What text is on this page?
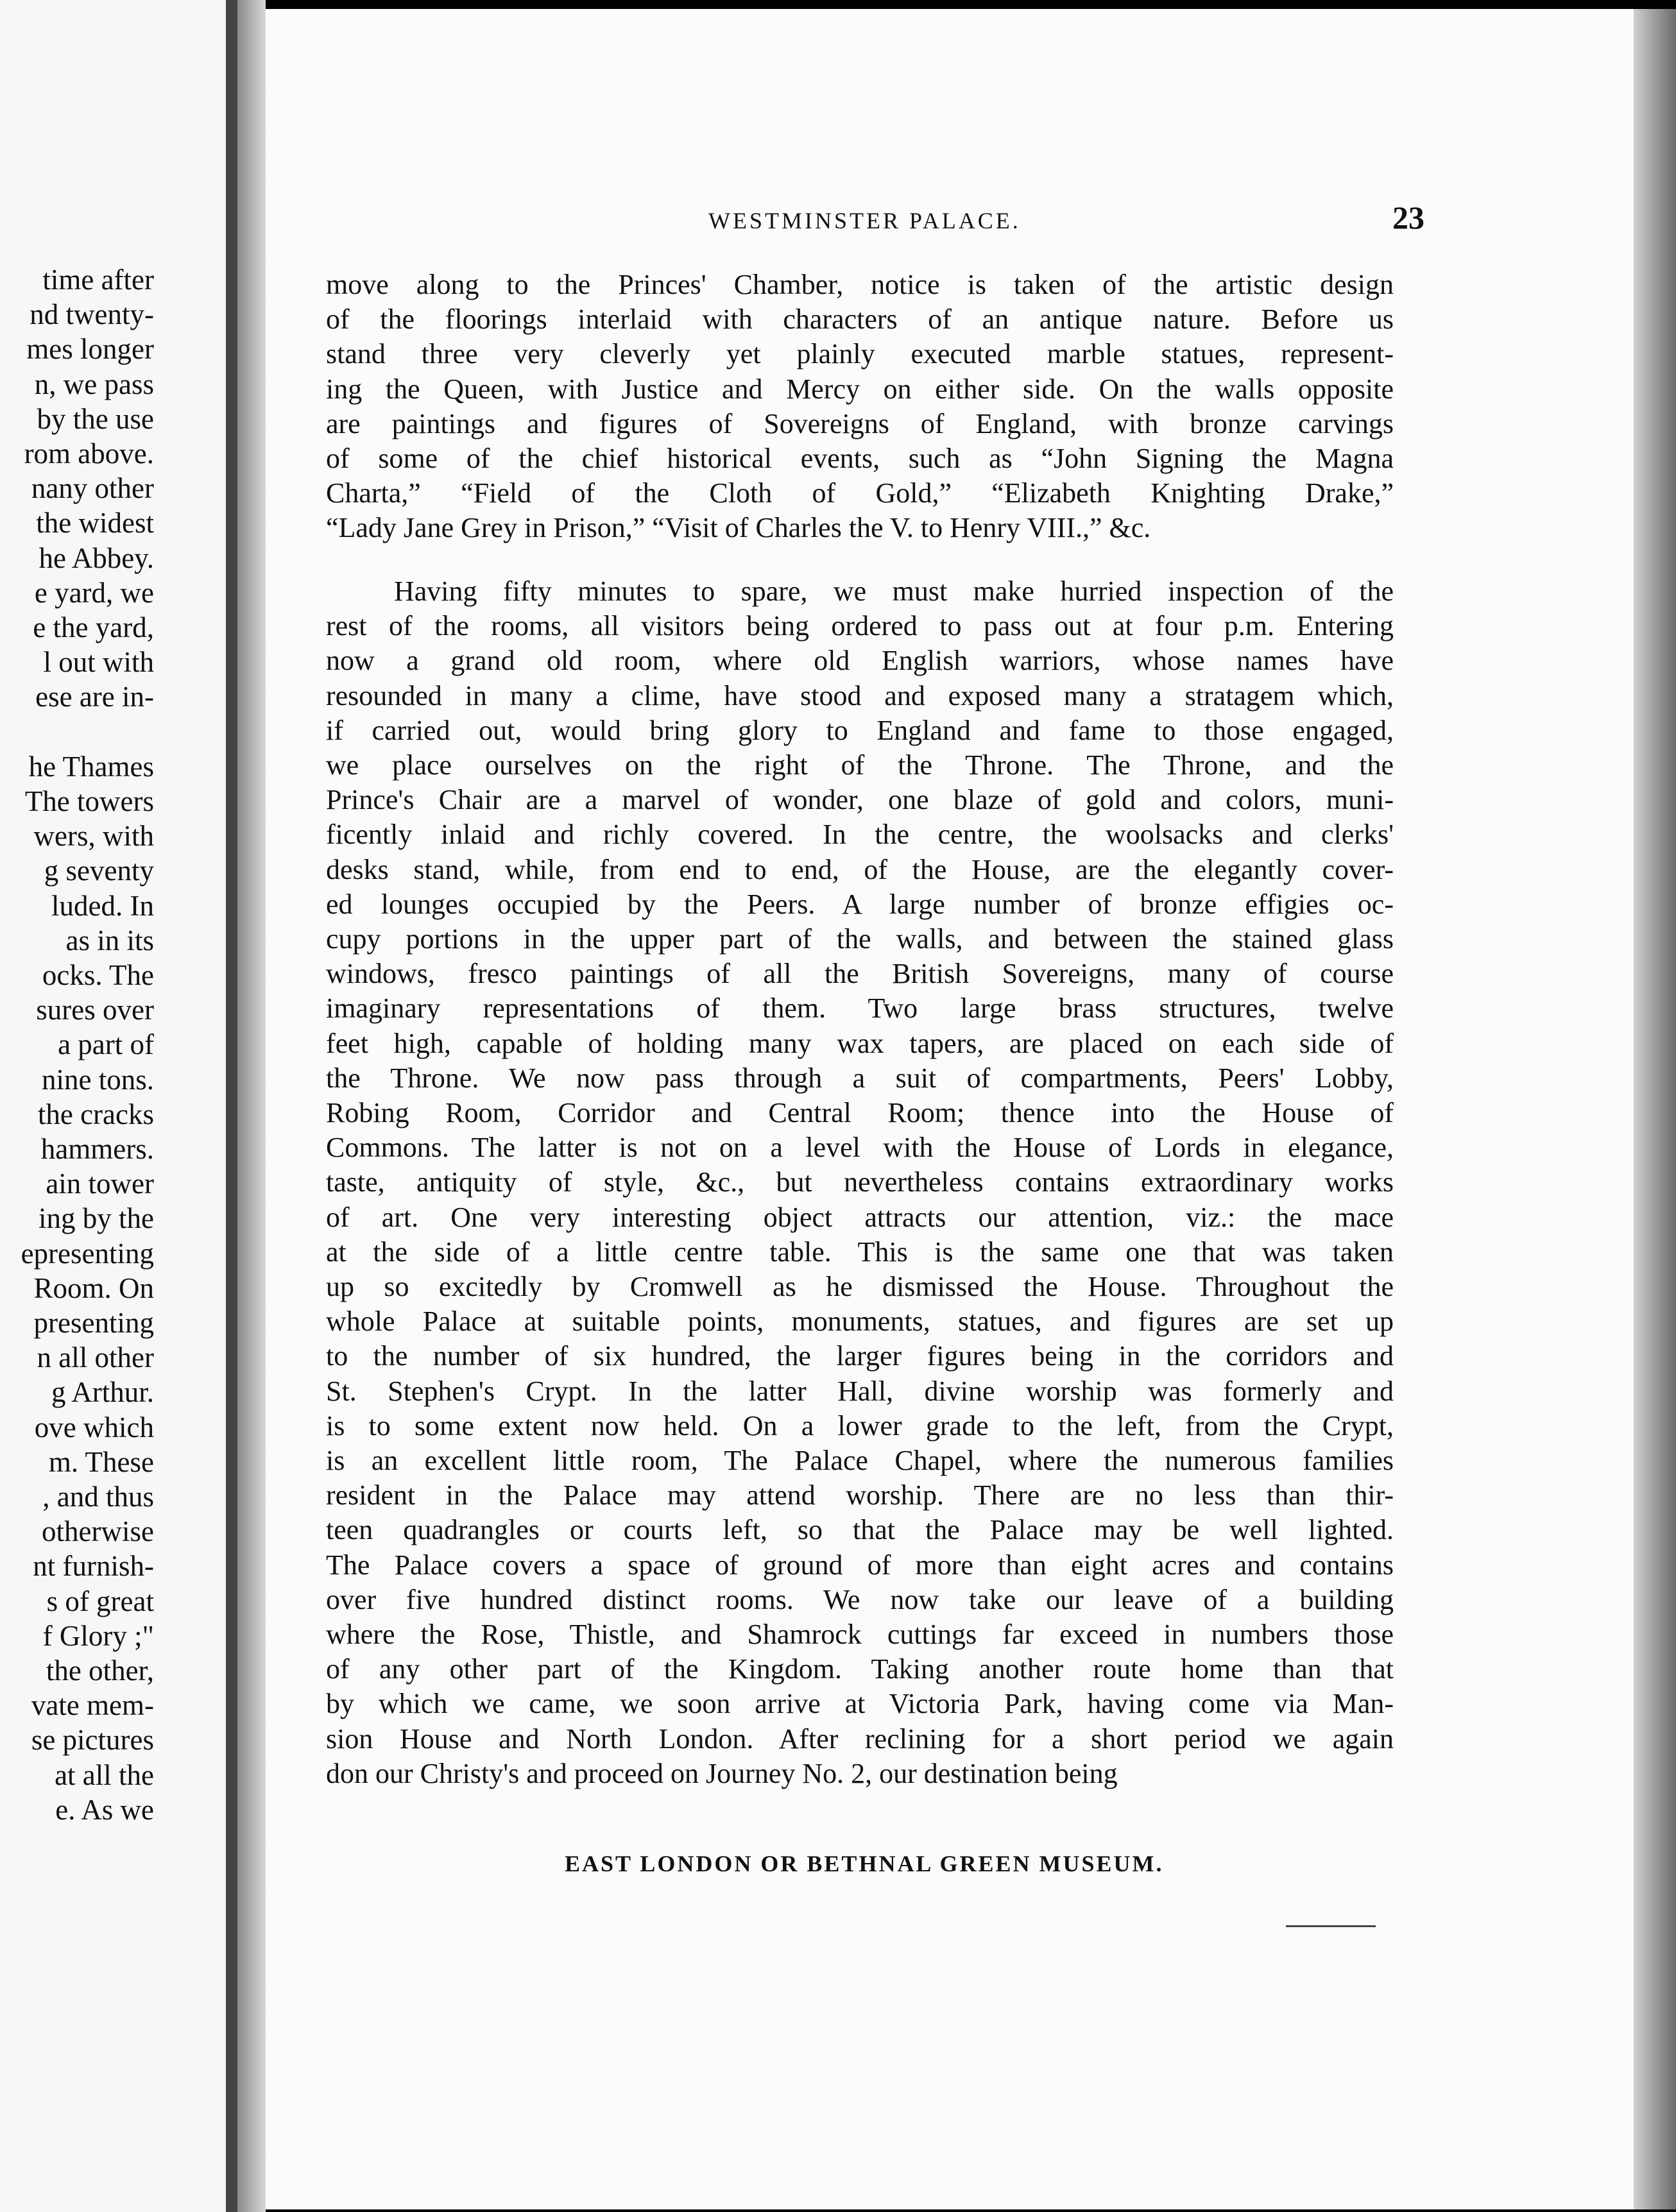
time after
nd twenty-
mes longer
n, we pass
by the use
rom above.
nany other
the widest
he Abbey.
e yard, we
e the yard,
l out with
ese are in-
he Thames
The towers
wers, with
g seventy
luded. In
as in its
ocks. The
sures over
a part of
nine tons.
the cracks
hammers.
ain tower
ing by the
epresenting
Room. On
presenting
n all other
g Arthur.
ove which
m. These
, and thus
otherwise
nt furnish-
s of great
f Glory ;"
the other,
vate mem-
se pictures
at all the
e. As we
WESTMINSTER PALACE.	23
move along to the Princes' Chamber, notice is taken of the artistic design
of the floorings interlaid with characters of an antique nature. Before us
stand three very cleverly yet plainly executed marble statues, represent-
ing the Queen, with Justice and Mercy on either side. On the walls opposite
are paintings and figures of Sovereigns of England, with bronze carvings
of some of the chief historical events, such as “John Signing the Magna
Charta,” “Field of the Cloth of Gold,” “Elizabeth Knighting Drake,”
“Lady Jane Grey in Prison,” “Visit of Charles the V. to Henry VIII.,” &c.
Having fifty minutes to spare, we must make hurried inspection of the
rest of the rooms, all visitors being ordered to pass out at four p.m. Entering
now a grand old room, where old English warriors, whose names have
resounded in many a clime, have stood and exposed many a stratagem which,
if carried out, would bring glory to England and fame to those engaged,
we place ourselves on the right of the Throne. The Throne, and the
Prince's Chair are a marvel of wonder, one blaze of gold and colors, muni-
ficently inlaid and richly covered. In the centre, the woolsacks and clerks'
desks stand, while, from end to end, of the House, are the elegantly cover-
ed lounges occupied by the Peers. A large number of bronze effigies oc-
cupy portions in the upper part of the walls, and between the stained glass
windows, fresco paintings of all the British Sovereigns, many of course
imaginary representations of them. Two large brass structures, twelve
feet high, capable of holding many wax tapers, are placed on each side of
the Throne. We now pass through a suit of compartments, Peers' Lobby,
Robing Room, Corridor and Central Room; thence into the House of
Commons. The latter is not on a level with the House of Lords in elegance,
taste, antiquity of style, &c., but nevertheless contains extraordinary works
of art. One very interesting object attracts our attention, viz.: the mace
at the side of a little centre table. This is the same one that was taken
up so excitedly by Cromwell as he dismissed the House. Throughout the
whole Palace at suitable points, monuments, statues, and figures are set up
to the number of six hundred, the larger figures being in the corridors and
St. Stephen's Crypt. In the latter Hall, divine worship was formerly and
is to some extent now held. On a lower grade to the left, from the Crypt,
is an excellent little room, The Palace Chapel, where the numerous families
resident in the Palace may attend worship. There are no less than thir-
teen quadrangles or courts left, so that the Palace may be well lighted.
The Palace covers a space of ground of more than eight acres and contains
over five hundred distinct rooms. We now take our leave of a building
where the Rose, Thistle, and Shamrock cuttings far exceed in numbers those
of any other part of the Kingdom. Taking another route home than that
by which we came, we soon arrive at Victoria Park, having come via Man-
sion House and North London. After reclining for a short period we again
don our Christy's and proceed on Journey No. 2, our destination being
EAST LONDON OR BETHNAL GREEN MUSEUM.
